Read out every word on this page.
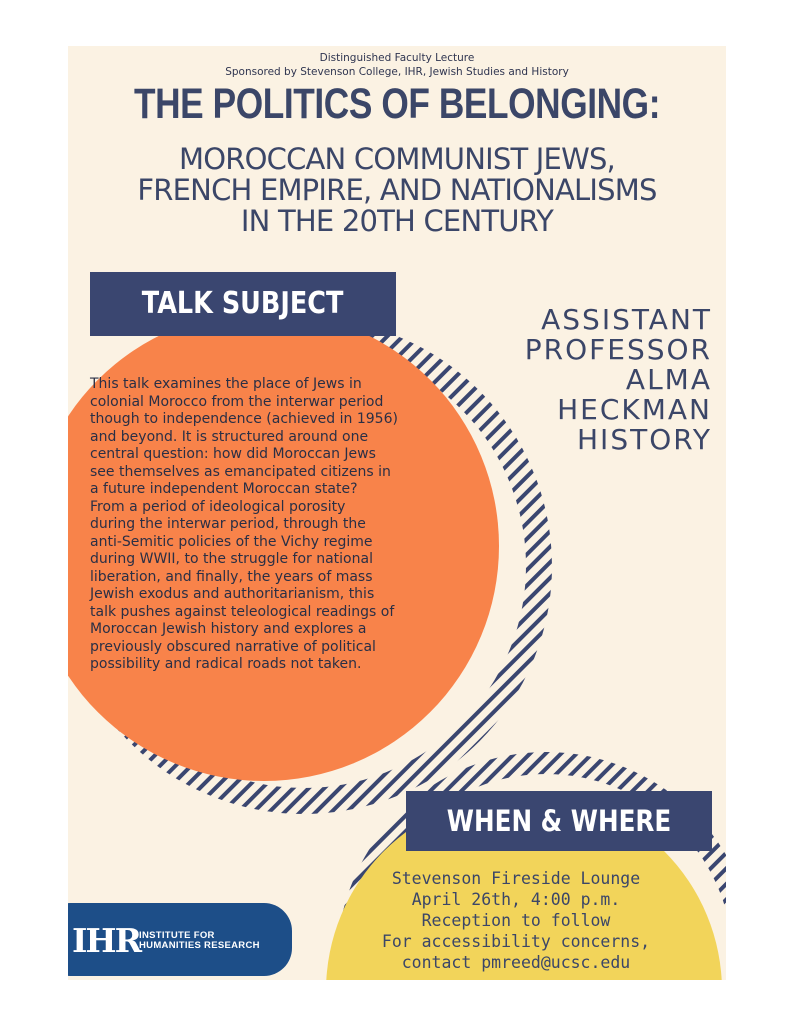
Distinguished Faculty Lecture
Sponsored by Stevenson College, IHR, Jewish Studies and History
THE POLITICS OF BELONGING:
MOROCCAN COMMUNIST JEWS,
FRENCH EMPIRE, AND NATIONALISMS
IN THE 20TH CENTURY
TALK SUBJECT	ASSISTANT
PROFESSOR
ALMA
HECKMAN
HISTORY
This talk examines the place of Jews in
colonial Morocco from the interwar period
though to independence (achieved in 1956)
and beyond. It is structured around one
central question: how did Moroccan Jews
see themselves as emancipated citizens in
a future independent Moroccan state?
From a period of ideological porosity
during the interwar period, through the
anti-Semitic policies of the Vichy regime
during WWII, to the struggle for national
liberation, and finally, the years of mass
Jewish exodus and authoritarianism, this
talk pushes against teleological readings of
Moroccan Jewish history and explores a
previously obscured narrative of political
possibility and radical roads not taken.
WHEN & WHERE
Stevenson Fireside Lounge
April 26th, 4:00 p.m.
Reception to follow
For accessibility concerns,
contact pmreed@ucsc.edu
IHR
INSTITUTE FOR
HUMANITIES RESEARCH
